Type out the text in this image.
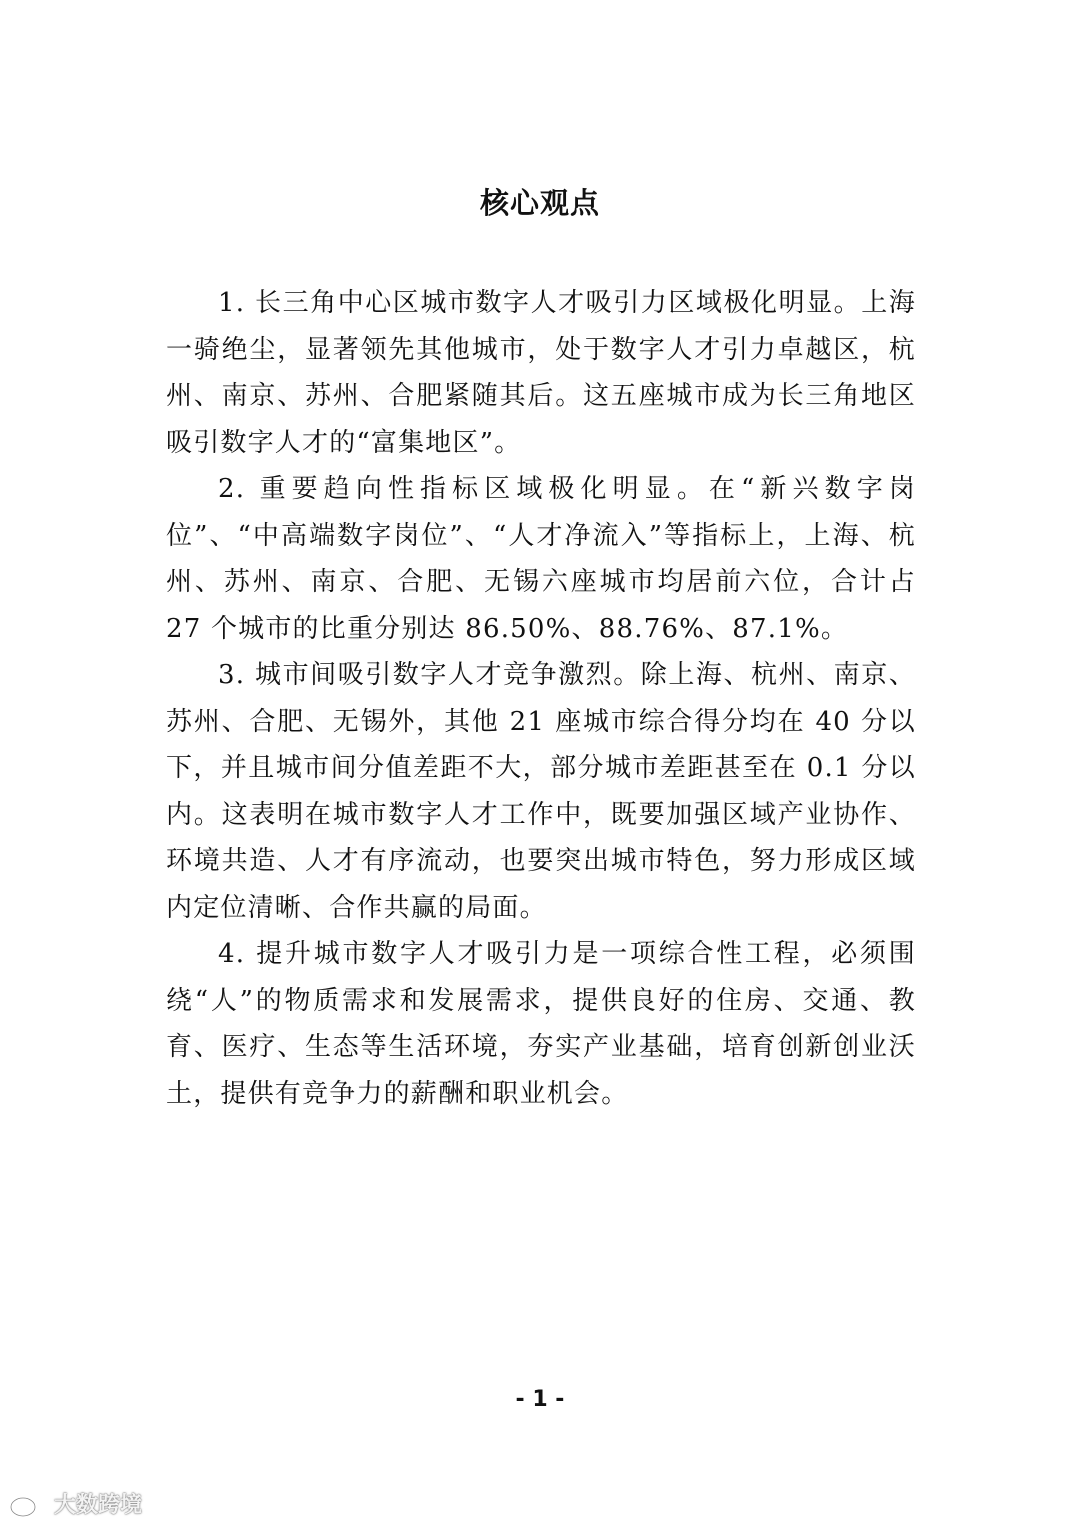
核心观点

1. 长三角中心区城市数字人才吸引力区域极化明显。上海一骑绝尘，显著领先其他城市，处于数字人才引力卓越区，杭州、南京、苏州、合肥紧随其后。这五座城市成为长三角地区吸引数字人才的“富集地区”。

2. 重要趋向性指标区域极化明显。在“新兴数字岗位”、“中高端数字岗位”、“人才净流入”等指标上，上海、杭州、苏州、南京、合肥、无锡六座城市均居前六位，合计占 27 个城市的比重分别达 86.50%、88.76%、87.1%。

3. 城市间吸引数字人才竞争激烈。除上海、杭州、南京、苏州、合肥、无锡外，其他 21 座城市综合得分均在 40 分以下，并且城市间分值差距不大，部分城市差距甚至在 0.1 分以内。这表明在城市数字人才工作中，既要加强区域产业协作、环境共造、人才有序流动，也要突出城市特色，努力形成区域内定位清晰、合作共赢的局面。

4. 提升城市数字人才吸引力是一项综合性工程，必须围绕“人”的物质需求和发展需求，提供良好的住房、交通、教育、医疗、生态等生活环境，夯实产业基础，培育创新创业沃土，提供有竞争力的薪酬和职业机会。

- 1 -
大数跨境
